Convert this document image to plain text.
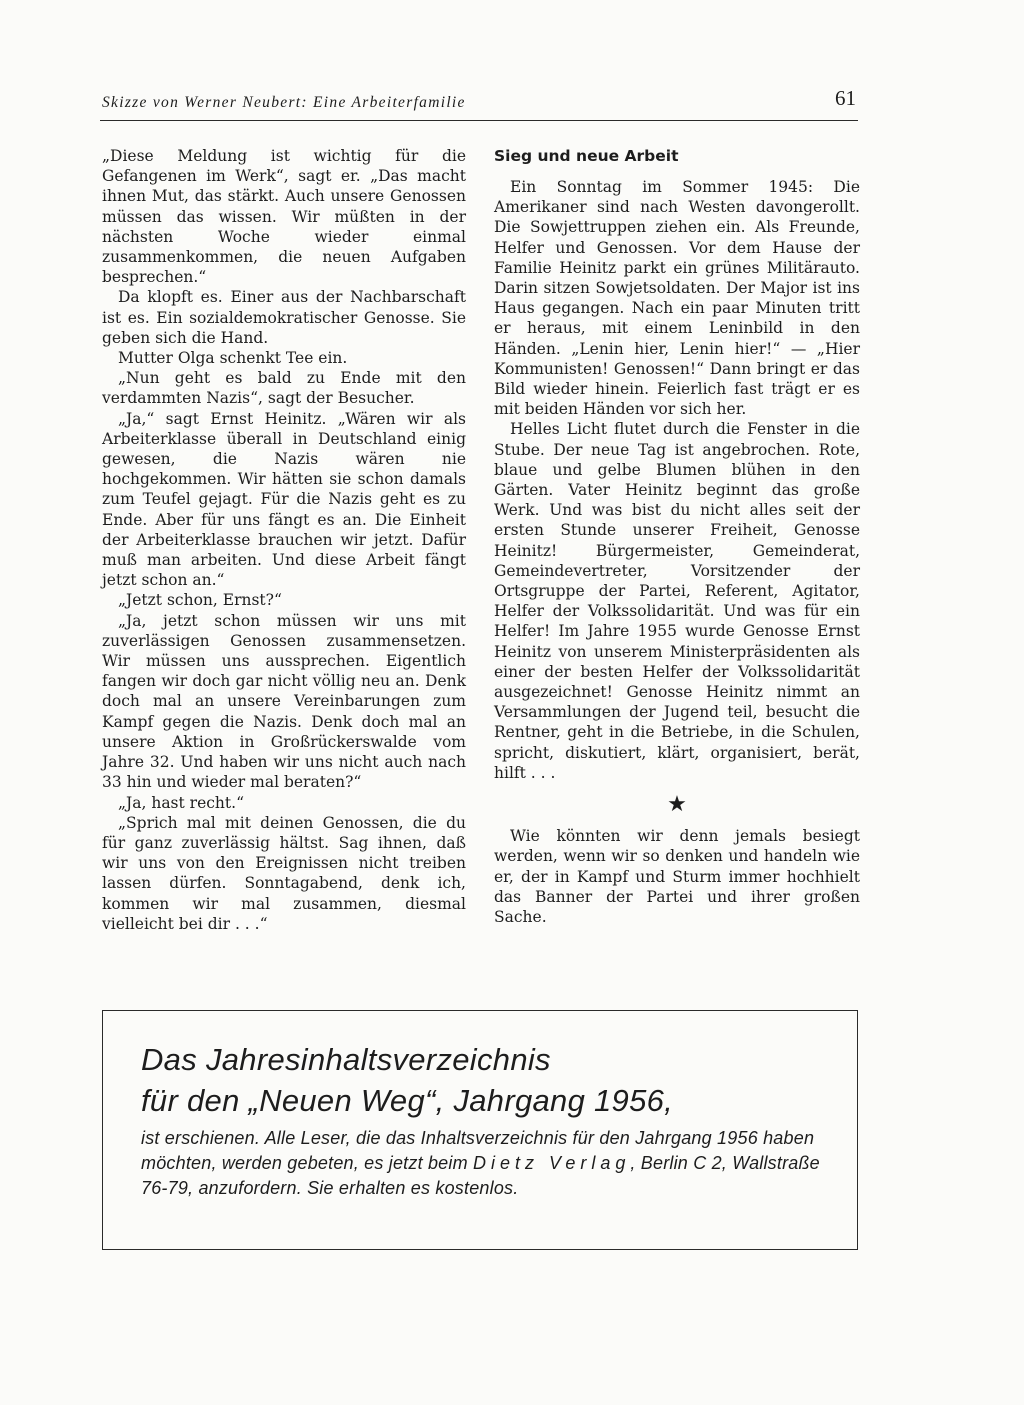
Skizze von Werner Neubert: Eine Arbeiterfamilie	61

„Diese Meldung ist wichtig für die Gefangenen im Werk“, sagt er. „Das macht ihnen Mut, das stärkt. Auch unsere Genossen müssen das wissen. Wir müßten in der nächsten Woche wieder einmal zusammenkommen, die neuen Aufgaben besprechen.“

Da klopft es. Einer aus der Nachbarschaft ist es. Ein sozialdemokratischer Genosse. Sie geben sich die Hand.

Mutter Olga schenkt Tee ein.

„Nun geht es bald zu Ende mit den verdammten Nazis“, sagt der Besucher.

„Ja,“ sagt Ernst Heinitz. „Wären wir als Arbeiterklasse überall in Deutschland einig gewesen, die Nazis wären nie hochgekommen. Wir hätten sie schon damals zum Teufel gejagt. Für die Nazis geht es zu Ende. Aber für uns fängt es an. Die Einheit der Arbeiterklasse brauchen wir jetzt. Dafür muß man arbeiten. Und diese Arbeit fängt jetzt schon an.“

„Jetzt schon, Ernst?“

„Ja, jetzt schon müssen wir uns mit zuverlässigen Genossen zusammensetzen. Wir müssen uns aussprechen. Eigentlich fangen wir doch gar nicht völlig neu an. Denk doch mal an unsere Vereinbarungen zum Kampf gegen die Nazis. Denk doch mal an unsere Aktion in Großrückerswalde vom Jahre 32. Und haben wir uns nicht auch nach 33 hin und wieder mal beraten?“

„Ja, hast recht.“

„Sprich mal mit deinen Genossen, die du für ganz zuverlässig hältst. Sag ihnen, daß wir uns von den Ereignissen nicht treiben lassen dürfen. Sonntagabend, denk ich, kommen wir mal zusammen, diesmal vielleicht bei dir . . .“

Sieg und neue Arbeit

Ein Sonntag im Sommer 1945: Die Amerikaner sind nach Westen davongerollt. Die Sowjettruppen ziehen ein. Als Freunde, Helfer und Genossen. Vor dem Hause der Familie Heinitz parkt ein grünes Militärauto. Darin sitzen Sowjetsoldaten. Der Major ist ins Haus gegangen. Nach ein paar Minuten tritt er heraus, mit einem Leninbild in den Händen. „Lenin hier, Lenin hier!“ — „Hier Kommunisten! Genossen!“ Dann bringt er das Bild wieder hinein. Feierlich fast trägt er es mit beiden Händen vor sich her.

Helles Licht flutet durch die Fenster in die Stube. Der neue Tag ist angebrochen. Rote, blaue und gelbe Blumen blühen in den Gärten. Vater Heinitz beginnt das große Werk. Und was bist du nicht alles seit der ersten Stunde unserer Freiheit, Genosse Heinitz! Bürgermeister, Gemeinderat, Gemeindevertreter, Vorsitzender der Ortsgruppe der Partei, Referent, Agitator, Helfer der Volkssolidarität. Und was für ein Helfer! Im Jahre 1955 wurde Genosse Ernst Heinitz von unserem Ministerpräsidenten als einer der besten Helfer der Volkssolidarität ausgezeichnet! Genosse Heinitz nimmt an Versammlungen der Jugend teil, besucht die Rentner, geht in die Betriebe, in die Schulen, spricht, diskutiert, klärt, organisiert, berät, hilft . . .

★

Wie könnten wir denn jemals besiegt werden, wenn wir so denken und handeln wie er, der in Kampf und Sturm immer hochhielt das Banner der Partei und ihrer großen Sache.

Das Jahresinhaltsverzeichnis
für den „Neuen Weg“, Jahrgang 1956,
ist erschienen. Alle Leser, die das Inhaltsverzeichnis für den Jahrgang 1956 haben möchten, werden gebeten, es jetzt beim Dietz Verlag, Berlin C 2, Wallstraße 76-79, anzufordern. Sie erhalten es kostenlos.
